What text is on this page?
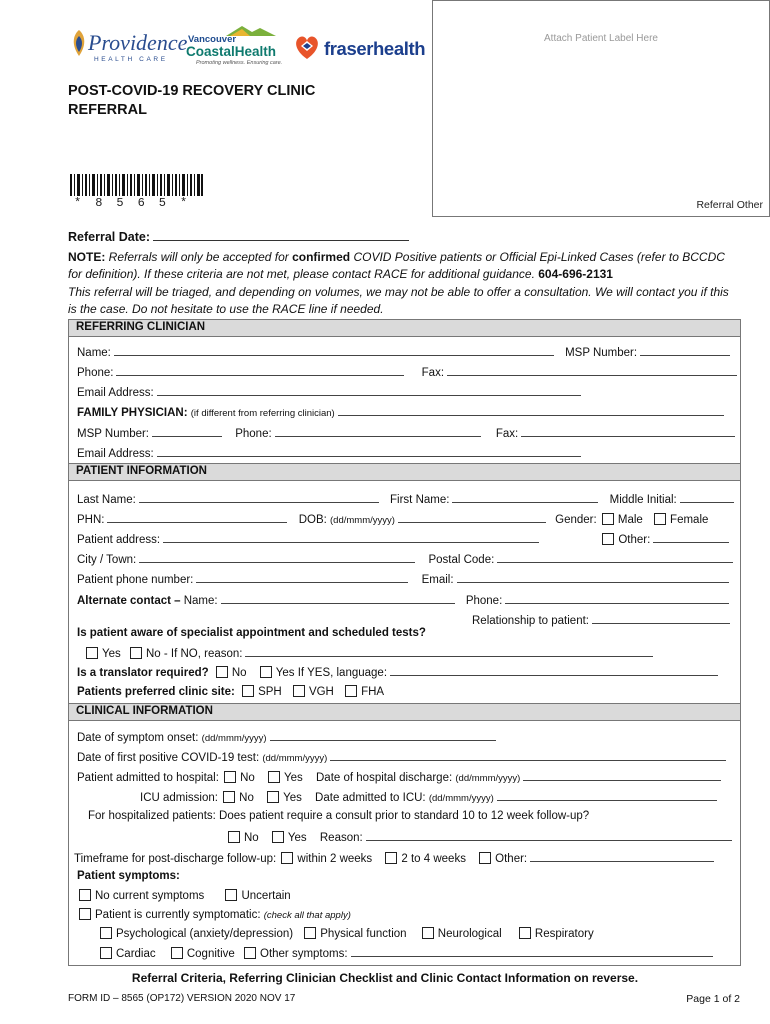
Attach Patient Label Here
Referral Other
Providence
HEALTH CARE
Vancouver
CoastalHealth
Promoting wellness. Ensuring care.
fraserhealth
POST-COVID-19 RECOVERY CLINIC REFERRAL
*8565*
Referral Date:
NOTE: Referrals will only be accepted for confirmed COVID Positive patients or Official Epi-Linked Cases (refer to BCCDC for definition). If these criteria are not met, please contact RACE for additional guidance. 604-696-2131
This referral will be triaged, and depending on volumes, we may not be able to offer a consultation. We will contact you if this is the case. Do not hesitate to use the RACE line if needed.
REFERRING CLINICIAN
Name:	MSP Number:
Phone:	Fax:
Email Address:
FAMILY PHYSICIAN: (if different from referring clinician)
MSP Number:	Phone:	Fax:
Email Address:
PATIENT INFORMATION
Last Name:	First Name:	Middle Initial:
PHN:	DOB: (dd/mmm/yyyy)	Gender: Male Female
Patient address:	Other:
City / Town:	Postal Code:
Patient phone number:	Email:
Alternate contact – Name:	Phone:
Relationship to patient:
Is patient aware of specialist appointment and scheduled tests?
Yes No - If NO, reason:
Is a translator required? No	Yes If YES, language:
Patients preferred clinic site: SPH VGH FHA
CLINICAL INFORMATION
Date of symptom onset: (dd/mmm/yyyy)
Date of first positive COVID-19 test: (dd/mmm/yyyy)
Patient admitted to hospital: No	Yes Date of hospital discharge: (dd/mmm/yyyy)
ICU admission: No	Yes Date admitted to ICU: (dd/mmm/yyyy)
For hospitalized patients: Does patient require a consult prior to standard 10 to 12 week follow-up?
No	Yes Reason:
Timeframe for post-discharge follow-up: within 2 weeks	2 to 4 weeks	Other:
Patient symptoms:
No current symptoms	Uncertain
Patient is currently symptomatic: (check all that apply)
Psychological (anxiety/depression) Physical function	Neurological	Respiratory
Cardiac	Cognitive Other symptoms:
Referral Criteria, Referring Clinician Checklist and Clinic Contact Information on reverse.
FORM ID – 8565 (OP172) VERSION 2020 NOV 17	Page 1 of 2
